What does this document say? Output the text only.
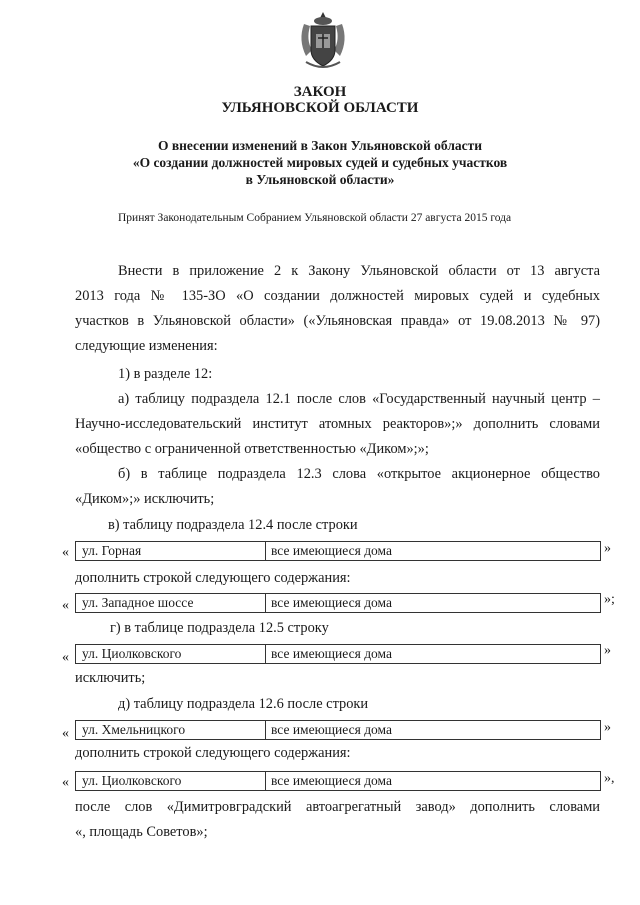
ЗАКОН
УЛЬЯНОВСКОЙ ОБЛАСТИ
О внесении изменений в Закон Ульяновской области
«О создании должностей мировых судей и судебных участков
в Ульяновской области»
Принят Законодательным Собранием Ульяновской области 27 августа 2015 года
Внести в приложение 2 к Закону Ульяновской области от 13 августа
2013 года № 135-ЗО «О создании должностей мировых судей и судебных
участков в Ульяновской области» («Ульяновская правда» от 19.08.2013 № 97)
следующие изменения:
1) в разделе 12:
а) таблицу подраздела 12.1 после слов «Государственный научный центр –
Научно-исследовательский институт атомных реакторов»;» дополнить словами
«общество с ограниченной ответственностью «Диком»;»;
б) в таблице подраздела 12.3 слова «открытое акционерное общество
«Диком»;» исключить;
в) таблицу подраздела 12.4 после строки
« ул. Горная	все имеющиеся дома	»
дополнить строкой следующего содержания:
« ул. Западное шоссе	все имеющиеся дома	»;
г) в таблице подраздела 12.5 строку
« ул. Циолковского	все имеющиеся дома	»
исключить;
д) таблицу подраздела 12.6 после строки
« ул. Хмельницкого	все имеющиеся дома	»
дополнить строкой следующего содержания:
« ул. Циолковского	все имеющиеся дома	»,
после слов «Димитровградский автоагрегатный завод» дополнить словами
«, площадь Советов»;
